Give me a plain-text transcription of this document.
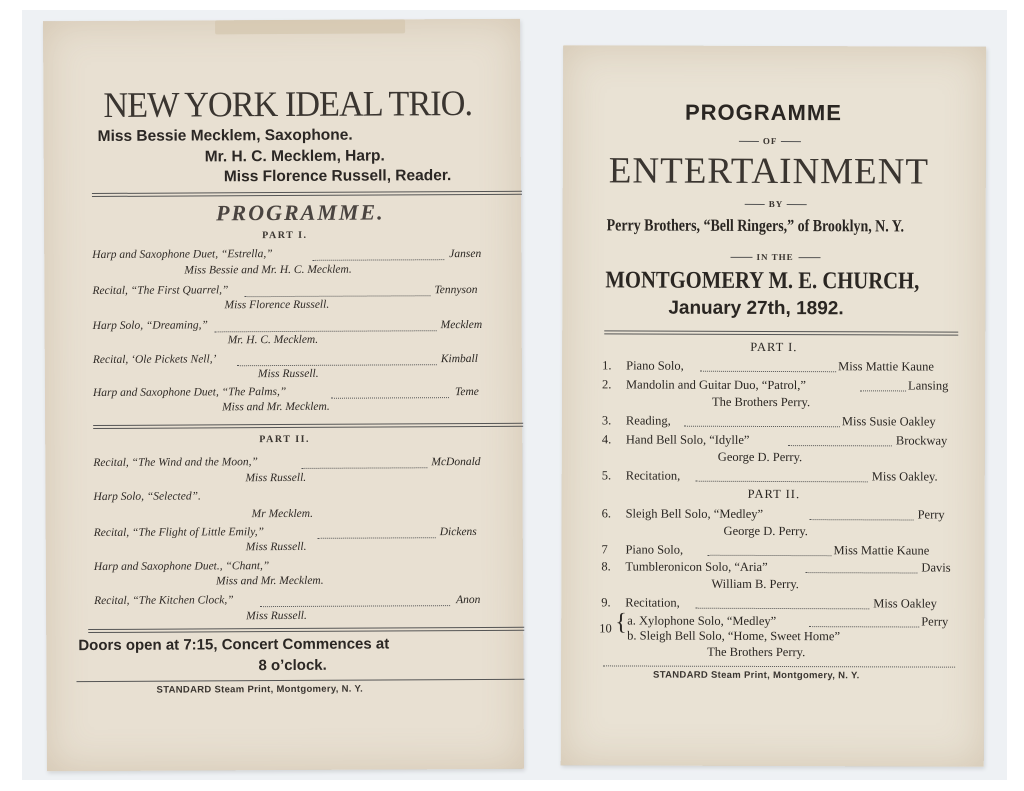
NEW YORK IDEAL TRIO.
Miss Bessie Mecklem, Saxophone.
Mr. H. C. Mecklem, Harp.
Miss Florence Russell, Reader.
PROGRAMME.
PART I.
Harp and Saxophone Duet, “Estrella,”	Jansen
Miss Bessie and Mr. H. C. Mecklem.
Recital, “The First Quarrel,”	Tennyson
Miss Florence Russell.
Harp Solo, “Dreaming,”	Mecklem
Mr. H. C. Mecklem.
Recital, ‘Ole Pickets Nell,’	Kimball
Miss Russell.
Harp and Saxophone Duet, “The Palms,”	Teme
Miss and Mr. Mecklem.
PART II.
Recital, “The Wind and the Moon,”	McDonald
Miss Russell.
Harp Solo, “Selected”.
Mr Mecklem.
Recital, “The Flight of Little Emily,”	Dickens
Miss Russell.
Harp and Saxophone Duet., “Chant,”
Miss and Mr. Mecklem.
Recital, “The Kitchen Clock,”	Anon
Miss Russell.
Doors open at 7:15, Concert Commences at
8 o’clock.
STANDARD Steam Print, Montgomery, N. Y.
PROGRAMME
OF
ENTERTAINMENT
BY
Perry Brothers, “Bell Ringers,” of Brooklyn, N. Y.
IN THE
MONTGOMERY M. E. CHURCH,
January 27th, 1892.
PART I.
1. Piano Solo,	Miss Mattie Kaune
2. Mandolin and Guitar Duo, “Patrol,”	Lansing
The Brothers Perry.
3. Reading,	Miss Susie Oakley
4. Hand Bell Solo, “Idylle”	Brockway
George D. Perry.
5. Recitation,	Miss Oakley.
PART II.
6. Sleigh Bell Solo, “Medley”	Perry
George D. Perry.
7 Piano Solo,	Miss Mattie Kaune
8. Tumbleronicon Solo, “Aria”	Davis
William B. Perry.
9. Recitation,	Miss Oakley
10 { a. Xylophone Solo, “Medley”	Perry
b. Sleigh Bell Solo, “Home, Sweet Home”
The Brothers Perry.
STANDARD Steam Print, Montgomery, N. Y.
